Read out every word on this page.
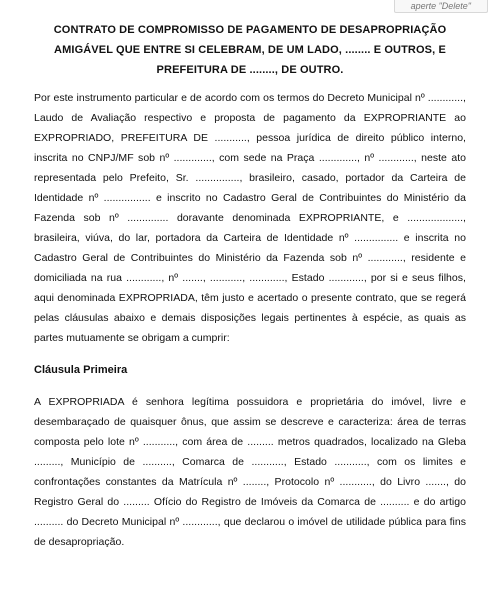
aperte "Delete"
CONTRATO DE COMPROMISSO DE PAGAMENTO DE DESAPROPRIAÇÃO AMIGÁVEL QUE ENTRE SI CELEBRAM, DE UM LADO, ........ E OUTROS, E PREFEITURA DE ........, DE OUTRO.

Por este instrumento particular e de acordo com os termos do Decreto Municipal nº ............, Laudo de Avaliação respectivo e proposta de pagamento da EXPROPRIANTE ao EXPROPRIADO, PREFEITURA DE ..........., pessoa jurídica de direito público interno, inscrita no CNPJ/MF sob nº ............., com sede na Praça ............., nº ............, neste ato representada pelo Prefeito, Sr. ..............., brasileiro, casado, portador da Carteira de Identidade nº ................ e inscrito no Cadastro Geral de Contribuintes do Ministério da Fazenda sob nº .............. doravante denominada EXPROPRIANTE, e ..................., brasileira, viúva, do lar, portadora da Carteira de Identidade nº ............... e inscrita no Cadastro Geral de Contribuintes do Ministério da Fazenda sob nº ............, residente e domiciliada na rua ............, nº ......., ..........., ............, Estado ............, por si e seus filhos, aqui denominada EXPROPRIADA, têm justo e acertado o presente contrato, que se regerá pelas cláusulas abaixo e demais disposições legais pertinentes à espécie, as quais as partes mutuamente se obrigam a cumprir:

Cláusula Primeira

A EXPROPRIADA é senhora legítima possuidora e proprietária do imóvel, livre e desembaraçado de quaisquer ônus, que assim se descreve e caracteriza: área de terras composta pelo lote nº ..........., com área de ......... metros quadrados, localizado na Gleba ........., Município de .........., Comarca de ..........., Estado ..........., com os limites e confrontações constantes da Matrícula nº ........, Protocolo nº ..........., do Livro ......., do Registro Geral do ......... Ofício do Registro de Imóveis da Comarca de .......... e do artigo .......... do Decreto Municipal nº ............, que declarou o imóvel de utilidade pública para fins de desapropriação.
